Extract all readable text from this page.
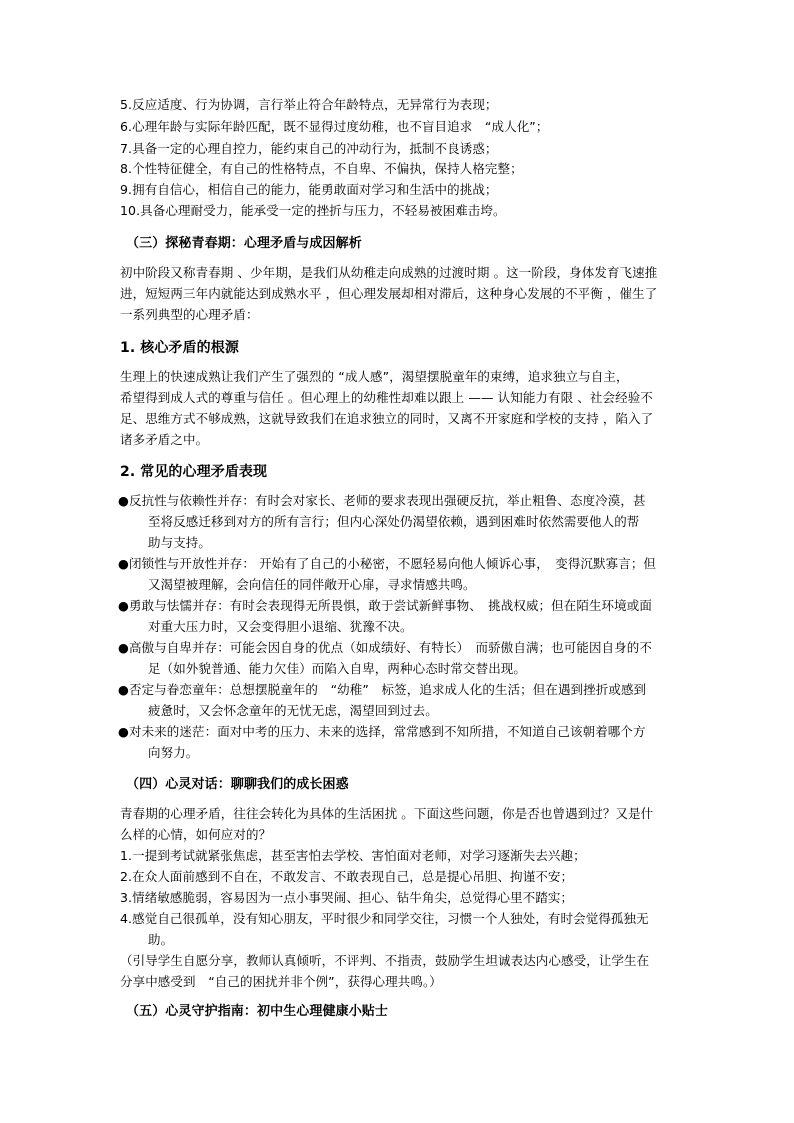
5.反应适度、行为协调，言行举止符合年龄特点，无异常行为表现；
6.心理年龄与实际年龄匹配，既不显得过度幼稚，也不盲目追求　“成人化”；
7.具备一定的心理自控力，能约束自己的冲动行为，抵制不良诱惑；
8.个性特征健全，有自己的性格特点，不自卑、不偏执，保持人格完整；
9.拥有自信心，相信自己的能力，能勇敢面对学习和生活中的挑战；
10.具备心理耐受力，能承受一定的挫折与压力，不轻易被困难击垮。
（三）探秘青春期：心理矛盾与成因解析
初中阶段又称青春期 、少年期，是我们从幼稚走向成熟的过渡时期 。这一阶段，身体发育飞速推
进，短短两三年内就能达到成熟水平 ，但心理发展却相对滞后，这种身心发展的不平衡 ，催生了
一系列典型的心理矛盾：
1. 核心矛盾的根源
生理上的快速成熟让我们产生了强烈的 “成人感”，渴望摆脱童年的束缚，追求独立与自主，
希望得到成人式的尊重与信任 。但心理上的幼稚性却难以跟上 —— 认知能力有限 、社会经验不
足、思维方式不够成熟，这就导致我们在追求独立的同时，又离不开家庭和学校的支持 ，陷入了
诸多矛盾之中。
2. 常见的心理矛盾表现
●反抗性与依赖性并存：有时会对家长、老师的要求表现出强硬反抗，举止粗鲁、态度冷漠，甚
至将反感迁移到对方的所有言行；但内心深处仍渴望依赖，遇到困难时依然需要他人的帮
助与支持。
●闭锁性与开放性并存： 开始有了自己的小秘密，不愿轻易向他人倾诉心事，　变得沉默寡言；但
又渴望被理解，会向信任的同伴敞开心扉，寻求情感共鸣。
●勇敢与怯懦并存：有时会表现得无所畏惧，敢于尝试新鲜事物、　挑战权威；但在陌生环境或面
对重大压力时，又会变得胆小退缩、犹豫不决。
●高傲与自卑并存：可能会因自身的优点（如成绩好、有特长）　而骄傲自满；也可能因自身的不
足（如外貌普通、能力欠佳）而陷入自卑，两种心态时常交替出现。
●否定与眷恋童年：总想摆脱童年的　“幼稚”　标签，追求成人化的生活；但在遇到挫折或感到
疲惫时，又会怀念童年的无忧无虑，渴望回到过去。
●对未来的迷茫：面对中考的压力、未来的选择，常常感到不知所措，不知道自己该朝着哪个方
向努力。
（四）心灵对话：聊聊我们的成长困惑
青春期的心理矛盾，往往会转化为具体的生活困扰 。下面这些问题，你是否也曾遇到过？又是什
么样的心情，如何应对的？
1.一提到考试就紧张焦虑，甚至害怕去学校、害怕面对老师，对学习逐渐失去兴趣；
2.在众人面前感到不自在，不敢发言、不敢表现自己，总是提心吊胆、拘谨不安；
3.情绪敏感脆弱，容易因为一点小事哭闹、担心、钻牛角尖，总觉得心里不踏实；
4.感觉自己很孤单，没有知心朋友，平时很少和同学交往，习惯一个人独处，有时会觉得孤独无
助。
（引导学生自愿分享，教师认真倾听，不评判、不指责，鼓励学生坦诚表达内心感受，让学生在
分享中感受到　“自己的困扰并非个例”，获得心理共鸣。）
（五）心灵守护指南：初中生心理健康小贴士
